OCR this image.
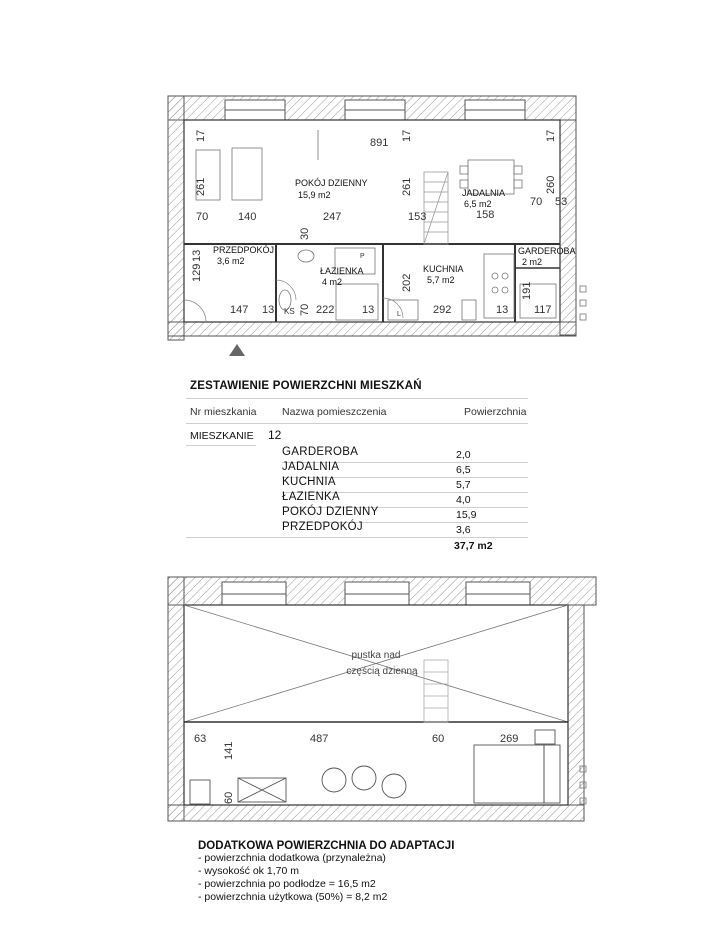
POKÓJ DZIENNY
15,9 m2	JADALNIA
6,5 m2
PRZEDPOKÓJ
3,6 m2
ŁAZIENKA
4 m2
KUCHNIA
5,7 m2
GARDEROBA
2 m2
891
17	17	17
261	261	260
70	140	247	153	158
70 53
30
129
13
202	191
70
147 13	13
222	292	13 117
KS
P
L
pustka nad
częścią dzienną
63	487	60	269
141
60
ZESTAWIENIE POWIERZCHNI MIESZKAŃ
Nr mieszkania Nazwa pomieszczenia	Powierzchnia
MIESZKANIE 12
GARDEROBA	2,0
JADALNIA	6,5
KUCHNIA	5,7
ŁAZIENKA	4,0
POKÓJ DZIENNY	15,9
PRZEDPOKÓJ	3,6
37,7 m2
DODATKOWA POWIERZCHNIA DO ADAPTACJI
- powierzchnia dodatkowa (przynależna)
- wysokość ok 1,70 m
- powierzchnia po podłodze = 16,5 m2
- powierzchnia użytkowa (50%) = 8,2 m2
